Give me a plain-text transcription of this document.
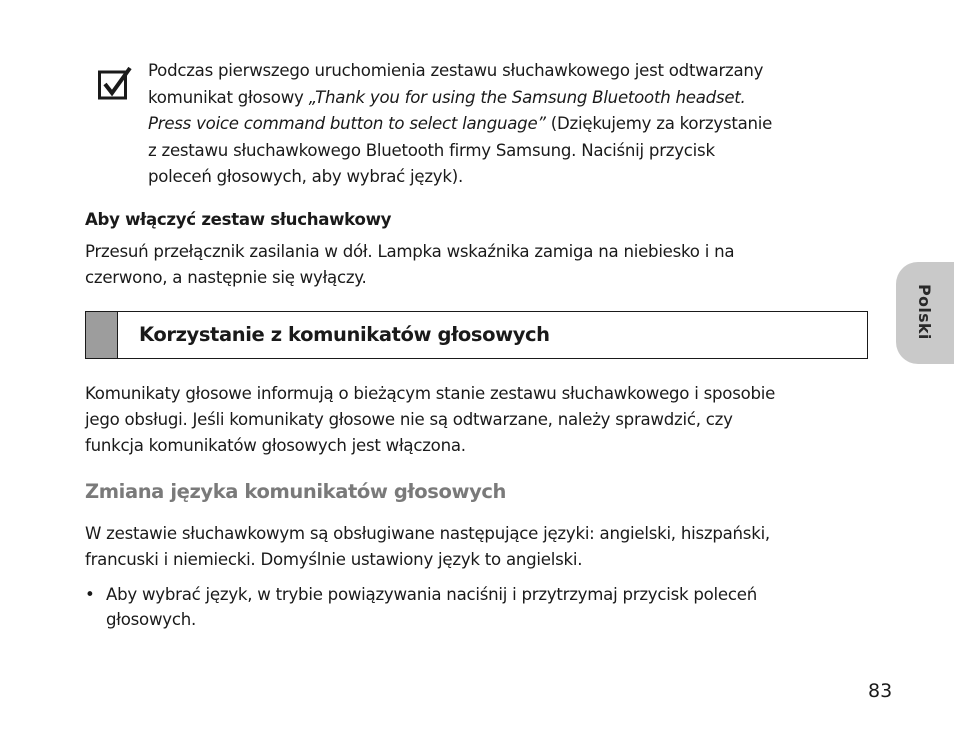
Podczas pierwszego uruchomienia zestawu słuchawkowego jest odtwarzany
komunikat głosowy „Thank you for using the Samsung Bluetooth headset.
Press voice command button to select language” (Dziękujemy za korzystanie
z zestawu słuchawkowego Bluetooth firmy Samsung. Naciśnij przycisk
poleceń głosowych, aby wybrać język).

Aby włączyć zestaw słuchawkowy

Przesuń przełącznik zasilania w dół. Lampka wskaźnika zamiga na niebiesko i na
czerwono, a następnie się wyłączy.

Korzystanie z komunikatów głosowych

Komunikaty głosowe informują o bieżącym stanie zestawu słuchawkowego i sposobie
jego obsługi. Jeśli komunikaty głosowe nie są odtwarzane, należy sprawdzić, czy
funkcja komunikatów głosowych jest włączona.

Zmiana języka komunikatów głosowych

W zestawie słuchawkowym są obsługiwane następujące języki: angielski, hiszpański,
francuski i niemiecki. Domyślnie ustawiony język to angielski.

• Aby wybrać język, w trybie powiązywania naciśnij i przytrzymaj przycisk poleceń
głosowych.
Polski

83
